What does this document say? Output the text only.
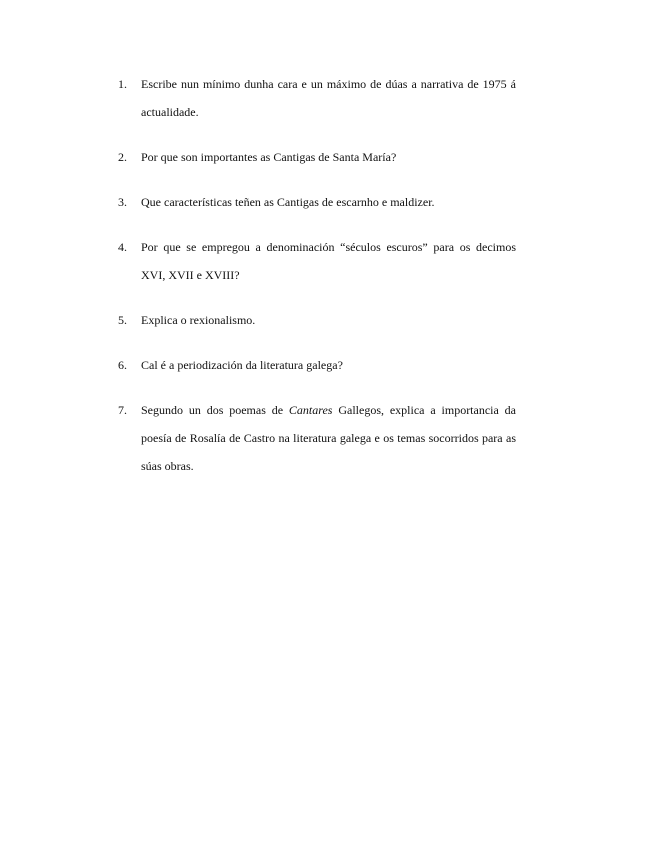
1. Escribe nun mínimo dunha cara e un máximo de dúas a narrativa de 1975 á actualidade.
2. Por que son importantes as Cantigas de Santa María?
3. Que características teñen as Cantigas de escarnho e maldizer.
4. Por que se empregou a denominación “séculos escuros” para os decimos XVI, XVII e XVIII?
5. Explica o rexionalismo.
6. Cal é a periodización da literatura galega?
7. Segundo un dos poemas de Cantares Gallegos, explica a importancia da poesía de Rosalía de Castro na literatura galega e os temas socorridos para as súas obras.
